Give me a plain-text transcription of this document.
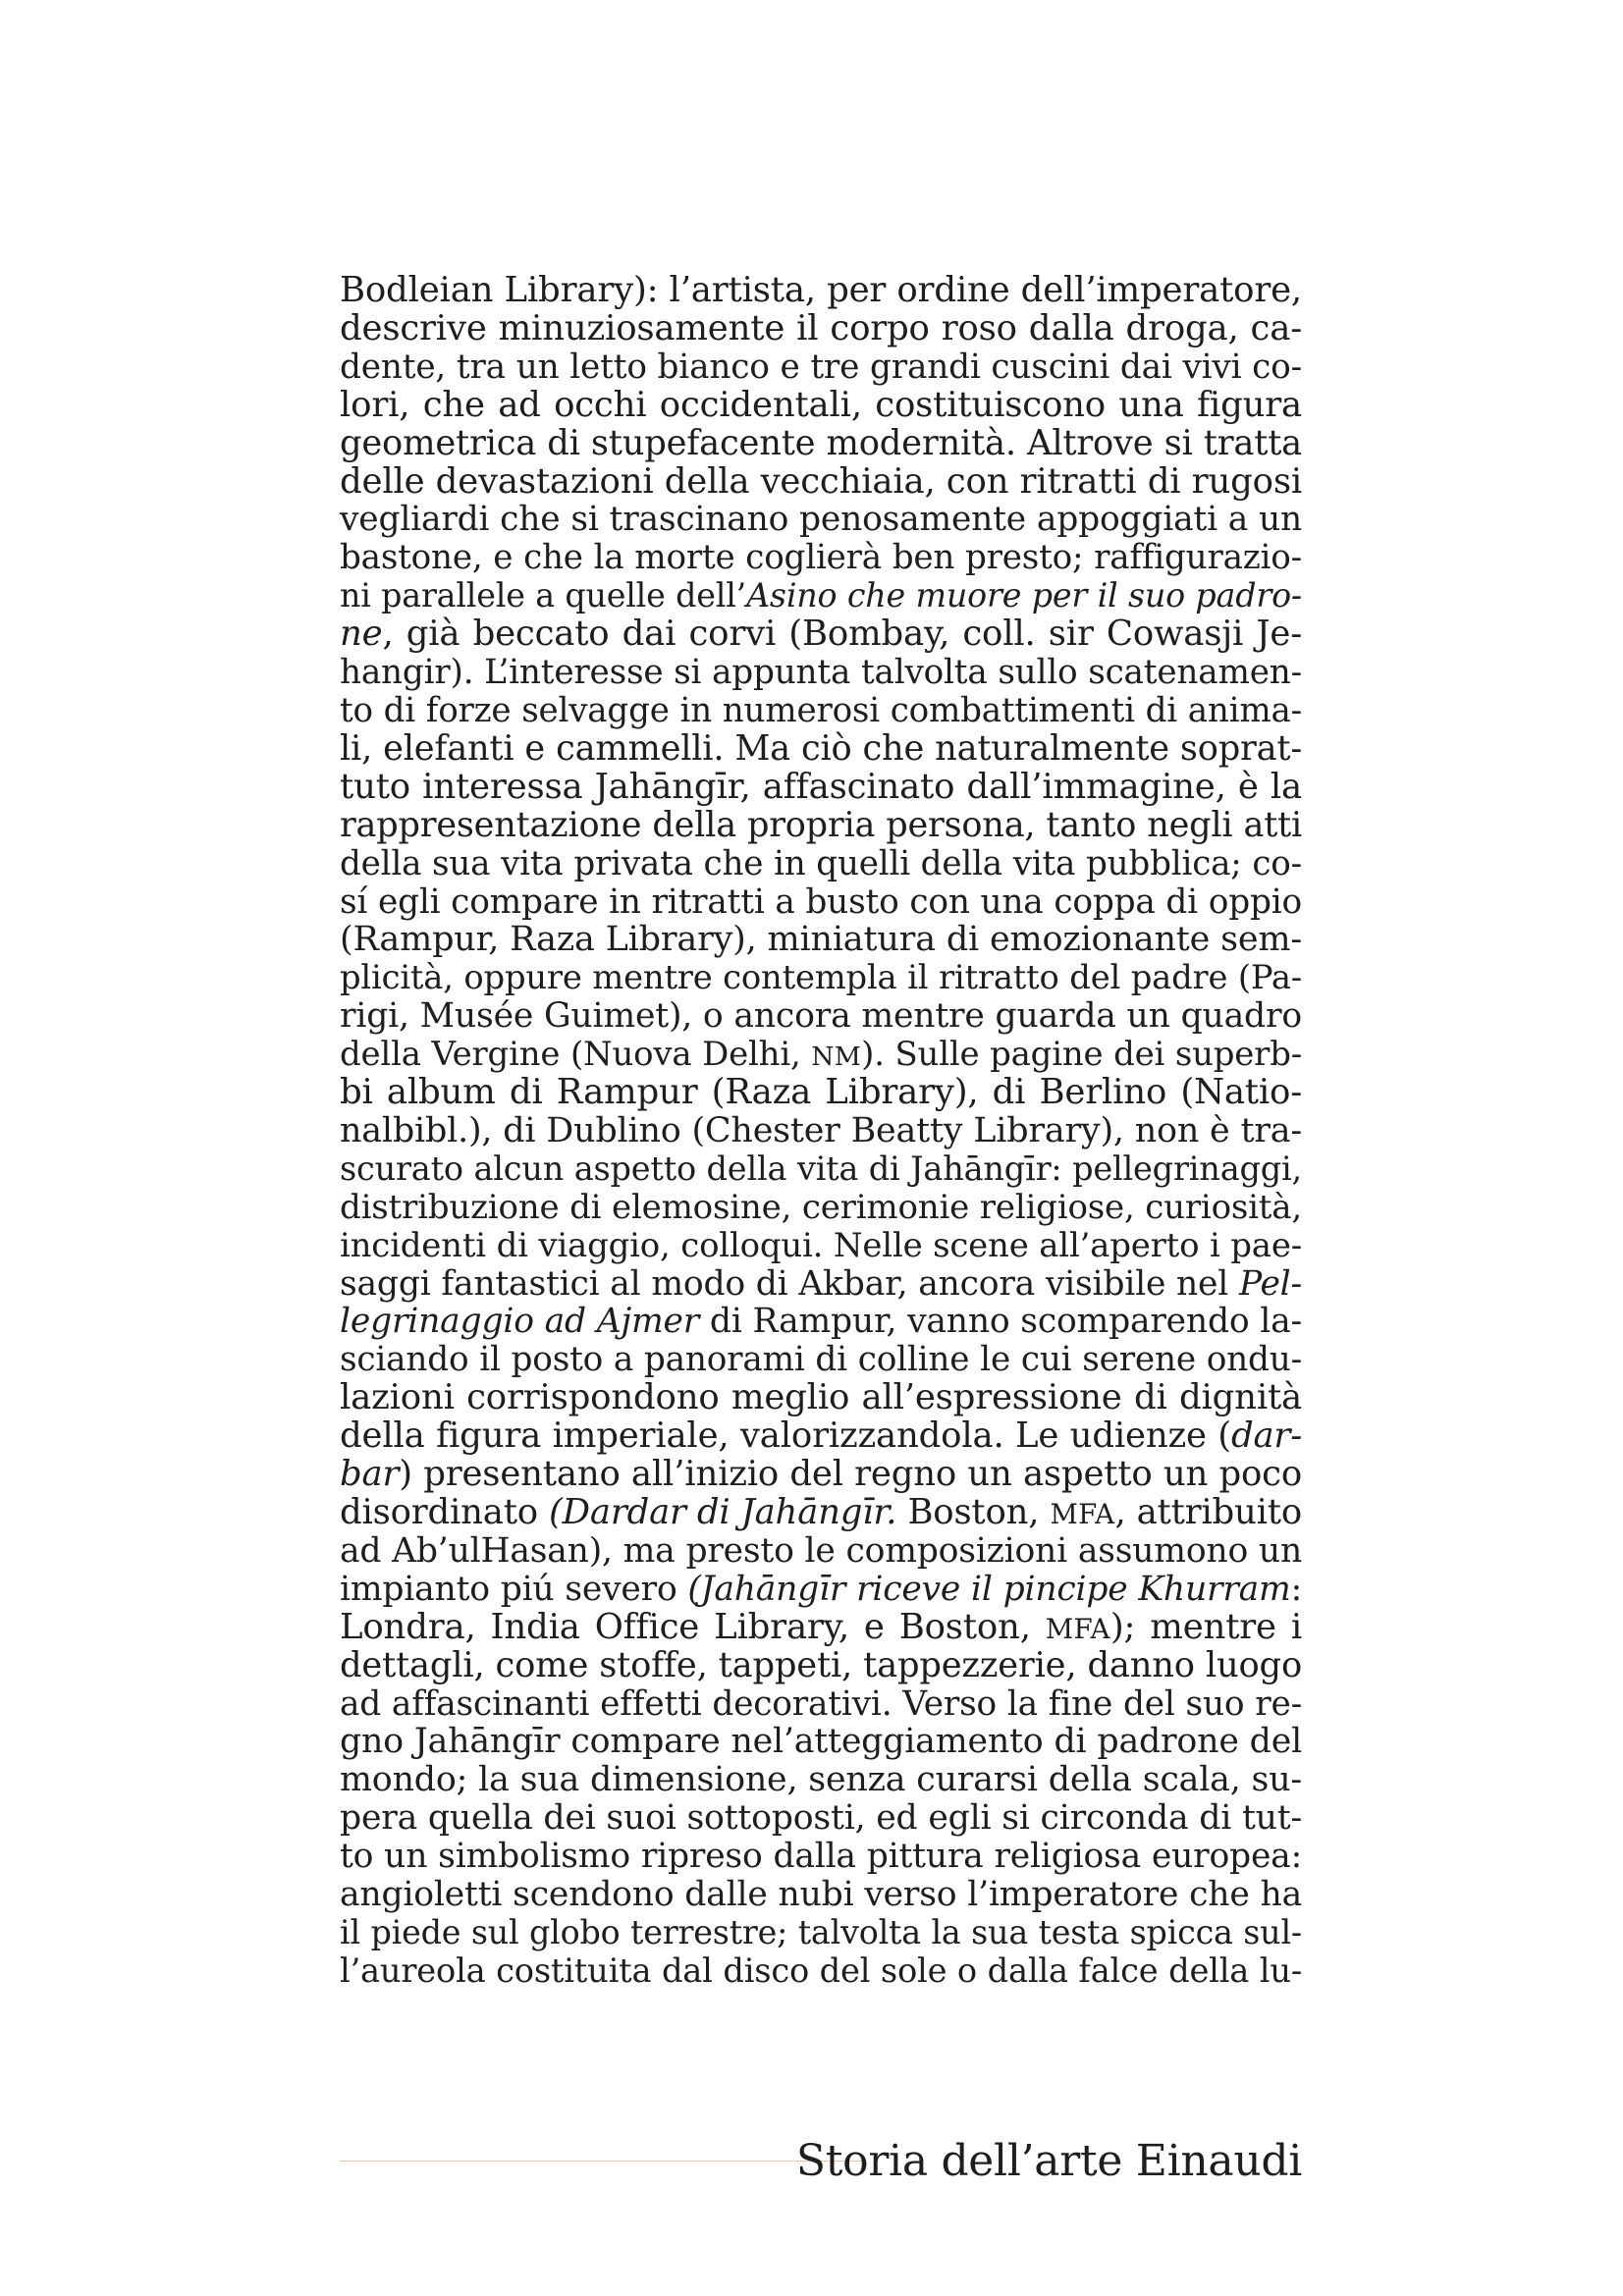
Bodleian Library): l’artista, per ordine dell’imperatore,
descrive minuziosamente il corpo roso dalla droga, ca-
dente, tra un letto bianco e tre grandi cuscini dai vivi co-
lori, che ad occhi occidentali, costituiscono una figura
geometrica di stupefacente modernità. Altrove si tratta
delle devastazioni della vecchiaia, con ritratti di rugosi
vegliardi che si trascinano penosamente appoggiati a un
bastone, e che la morte coglierà ben presto; raffigurazio-
ni parallele a quelle dell’Asino che muore per il suo padro-
ne, già beccato dai corvi (Bombay, coll. sir Cowasji Je-
hangir). L’interesse si appunta talvolta sullo scatenamen-
to di forze selvagge in numerosi combattimenti di anima-
li, elefanti e cammelli. Ma ciò che naturalmente soprat-
tuto interessa Jahāngīr, affascinato dall’immagine, è la
rappresentazione della propria persona, tanto negli atti
della sua vita privata che in quelli della vita pubblica; co-
sí egli compare in ritratti a busto con una coppa di oppio
(Rampur, Raza Library), miniatura di emozionante sem-
plicità, oppure mentre contempla il ritratto del padre (Pa-
rigi, Musée Guimet), o ancora mentre guarda un quadro
della Vergine (Nuova Delhi, NM). Sulle pagine dei superb-
bi album di Rampur (Raza Library), di Berlino (Natio-
nalbibl.), di Dublino (Chester Beatty Library), non è tra-
scurato alcun aspetto della vita di Jahāngīr: pellegrinaggi,
distribuzione di elemosine, cerimonie religiose, curiosità,
incidenti di viaggio, colloqui. Nelle scene all’aperto i pae-
saggi fantastici al modo di Akbar, ancora visibile nel Pel-
legrinaggio ad Ajmer di Rampur, vanno scomparendo la-
sciando il posto a panorami di colline le cui serene ondu-
lazioni corrispondono meglio all’espressione di dignità
della figura imperiale, valorizzandola. Le udienze (dar-
bar) presentano all’inizio del regno un aspetto un poco
disordinato (Dardar di Jahāngīr. Boston, MFA, attribuito
ad Ab’ulHasan), ma presto le composizioni assumono un
impianto piú severo (Jahāngīr riceve il pincipe Khurram:
Londra, India Office Library, e Boston, MFA); mentre i
dettagli, come stoffe, tappeti, tappezzerie, danno luogo
ad affascinanti effetti decorativi. Verso la fine del suo re-
gno Jahāngīr compare nel’atteggiamento di padrone del
mondo; la sua dimensione, senza curarsi della scala, su-
pera quella dei suoi sottoposti, ed egli si circonda di tut-
to un simbolismo ripreso dalla pittura religiosa europea:
angioletti scendono dalle nubi verso l’imperatore che ha
il piede sul globo terrestre; talvolta la sua testa spicca sul-
l’aureola costituita dal disco del sole o dalla falce della lu-
Storia dell’arte Einaudi
